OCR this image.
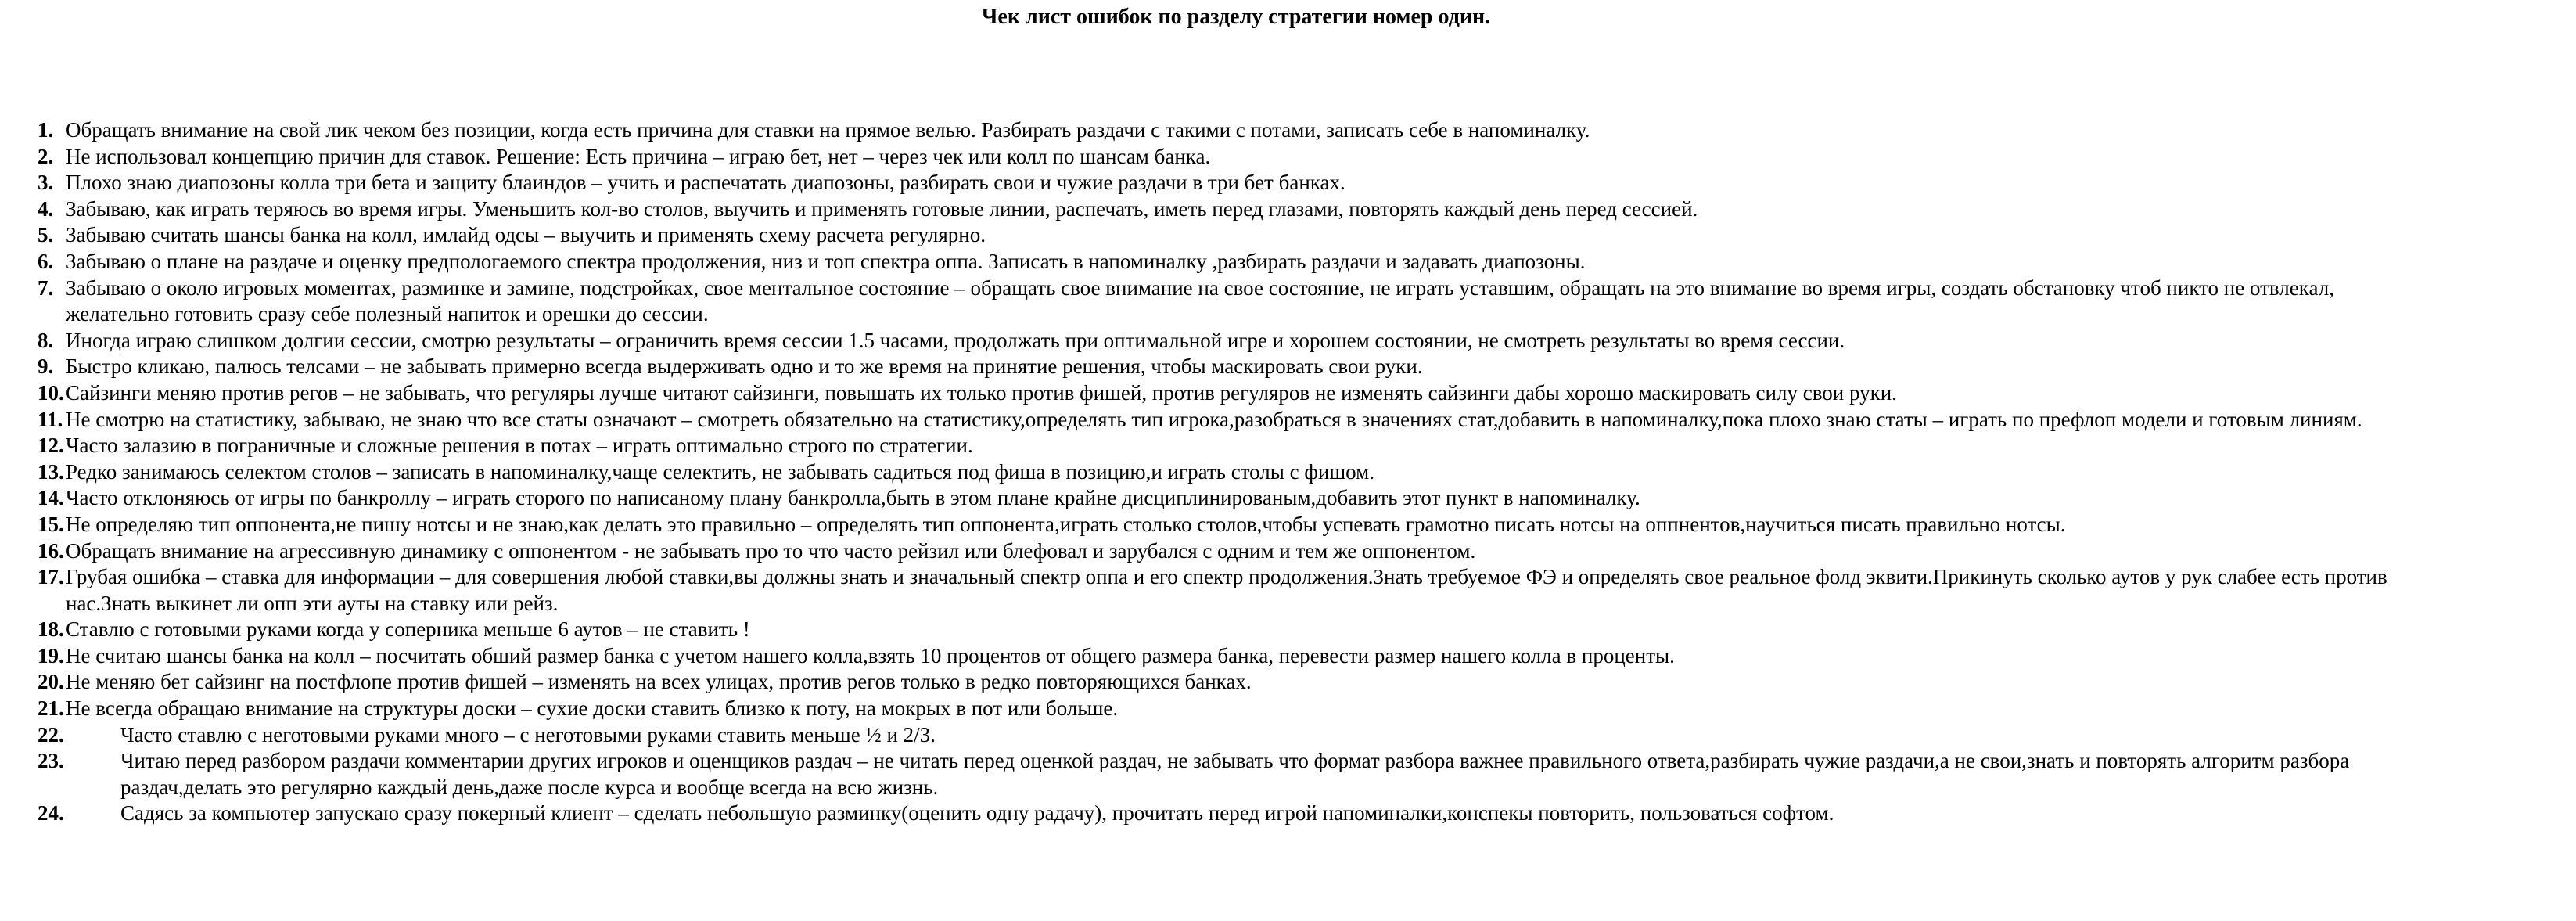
Чек лист ошибок по разделу стратегии номер один.
1. Обращать внимание на свой лик чеком без позиции, когда есть причина для ставки на прямое велью. Разбирать раздачи с такими с потами, записать себе в напоминалку.
2. Не использовал концепцию причин для ставок. Решение: Есть причина – играю бет, нет – через чек или колл по шансам банка.
3. Плохо знаю диапозоны колла три бета и защиту блаиндов – учить и распечатать диапозоны, разбирать свои и чужие раздачи в три бет банках.
4. Забываю, как играть теряюсь во время игры. Уменьшить кол-во столов, выучить и применять готовые линии, распечать, иметь перед глазами, повторять каждый день перед сессией.
5. Забываю считать шансы банка на колл, имлайд одсы – выучить и применять схему расчета регулярно.
6. Забываю о плане на раздаче и оценку предпологаемого спектра продолжения, низ и топ спектра оппа. Записать в напоминалку ,разбирать раздачи и задавать диапозоны.
7. Забываю о около игровых моментах, разминке и замине, подстройках, свое ментальное состояние – обращать свое внимание на свое состояние, не играть уставшим, обращать на это внимание во время игры, создать обстановку чтоб никто не отвлекал, желательно готовить сразу себе полезный напиток и орешки до сессии.
8. Иногда играю слишком долгии сессии, смотрю результаты – ограничить время сессии 1.5 часами, продолжать при оптимальной игре и хорошем состоянии, не смотреть результаты во время сессии.
9. Быстро кликаю, палюсь телсами – не забывать примерно всегда выдерживать одно и то же время на принятие решения, чтобы маскировать свои руки.
10. Сайзинги меняю против регов – не забывать, что регуляры лучше читают сайзинги, повышать их только против фишей, против регуляров не изменять сайзинги дабы хорошо маскировать силу свои руки.
11. Не смотрю на статистику, забываю, не знаю что все статы означают – смотреть обязательно на статистику,определять тип игрока,разобраться в значениях стат,добавить в напоминалку,пока плохо знаю статы – играть по префлоп модели и готовым линиям.
12. Часто залазию в пограничные и сложные решения в потах – играть оптимально строго по стратегии.
13. Редко занимаюсь селектом столов – записать в напоминалку,чаще селектить, не забывать садиться под фиша в позицию,и играть столы с фишом.
14. Часто отклоняюсь от игры по банкроллу – играть сторого по написаному плану банкролла,быть в этом плане крайне дисциплинированым,добавить этот пункт в напоминалку.
15. Не определяю тип оппонента,не пишу нотсы и не знаю,как делать это правильно – определять тип оппонента,играть столько столов,чтобы успевать грамотно писать нотсы на оппнентов,научиться писать правильно нотсы.
16. Обращать внимание на агрессивную динамику с оппонентом - не забывать про то что часто рейзил или блефовал и зарубался с одним и тем же оппонентом.
17. Грубая ошибка – ставка для информации – для совершения любой ставки,вы должны знать и значальный спектр оппа и его спектр продолжения.Знать требуемое ФЭ и определять свое реальное фолд эквити.Прикинуть сколько аутов у рук слабее есть против нас.Знать выкинет ли опп эти ауты на ставку или рейз.
18. Ставлю с готовыми руками когда у соперника меньше 6 аутов – не ставить !
19. Не считаю шансы банка на колл – посчитать обший размер банка с учетом нашего колла,взять 10 процентов от общего размера банка, перевести размер нашего колла в проценты.
20. Не меняю бет сайзинг на постфлопе против фишей – изменять на всех улицах, против регов только в редко повторяющихся банках.
21. Не всегда обращаю внимание на структуры доски – сухие доски ставить близко к поту, на мокрых в пот или больше.
22.	Часто ставлю с неготовыми руками много – с неготовыми руками ставить меньше ½ и 2/3.
23.	Читаю перед разбором раздачи комментарии других игроков и оценщиков раздач – не читать перед оценкой раздач, не забывать что формат разбора важнее правильного ответа,разбирать чужие раздачи,а не свои,знать и повторять алгоритм разбора раздач,делать это регулярно каждый день,даже после курса и вообще всегда на всю жизнь.
24.	Садясь за компьютер запускаю сразу покерный клиент – сделать небольшую разминку(оценить одну радачу), прочитать перед игрой напоминалки,конспекы повторить, пользоваться софтом.
